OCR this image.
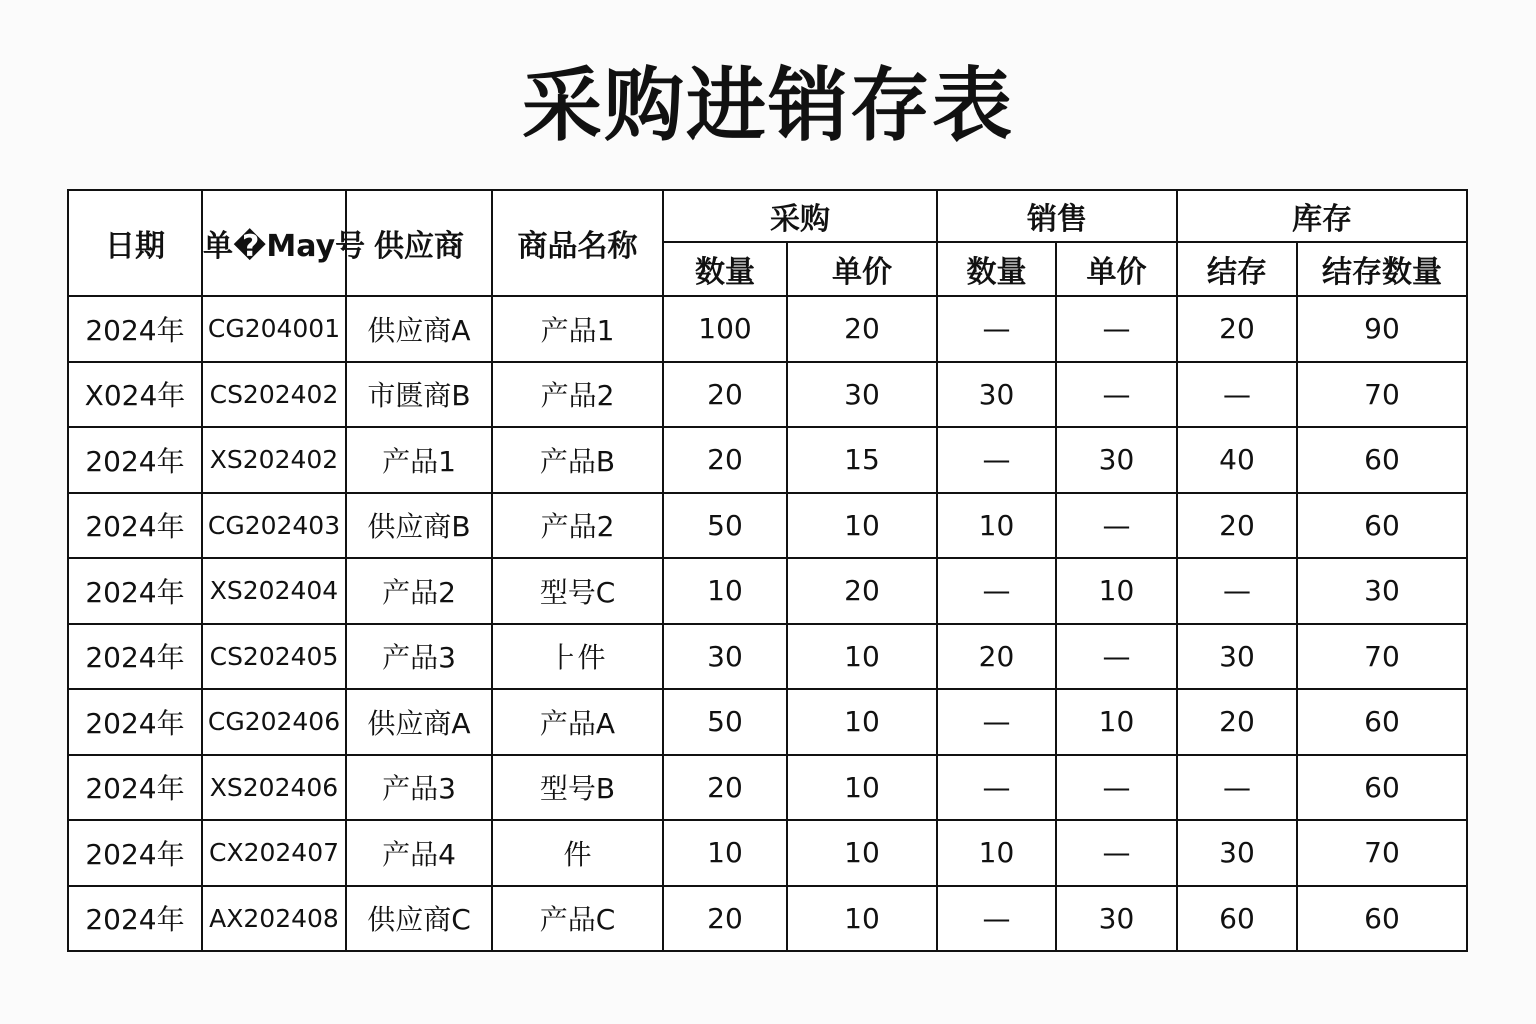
采购进销存表
日期	单�May号	供应商	商品名称	采购		销售		库存	
				数量	单价	数量	单价	结存	结存数量
2024年	CG204001	供应商A	产品1	100	20	—	—	20	90
X024年	CS202402	市匮商B	产品2	20	30	30	—	—	70
2024年	XS202402	产品1	产品B	20	15	—	30	40	60
2024年	CG202403	供应商B	产品2	50	10	10	—	20	60
2024年	XS202404	产品2	型号C	10	20	—	10	—	30
2024年	CS202405	产品3	⺊件	30	10	20	—	30	70
2024年	CG202406	供应商A	产品A	50	10	—	10	20	60
2024年	XS202406	产品3	型号B	20	10	—	—	—	60
2024年	CX202407	产品4	件	10	10	10	—	30	70
2024年	AX202408	供应商C	产品C	20	10	—	30	60	60
